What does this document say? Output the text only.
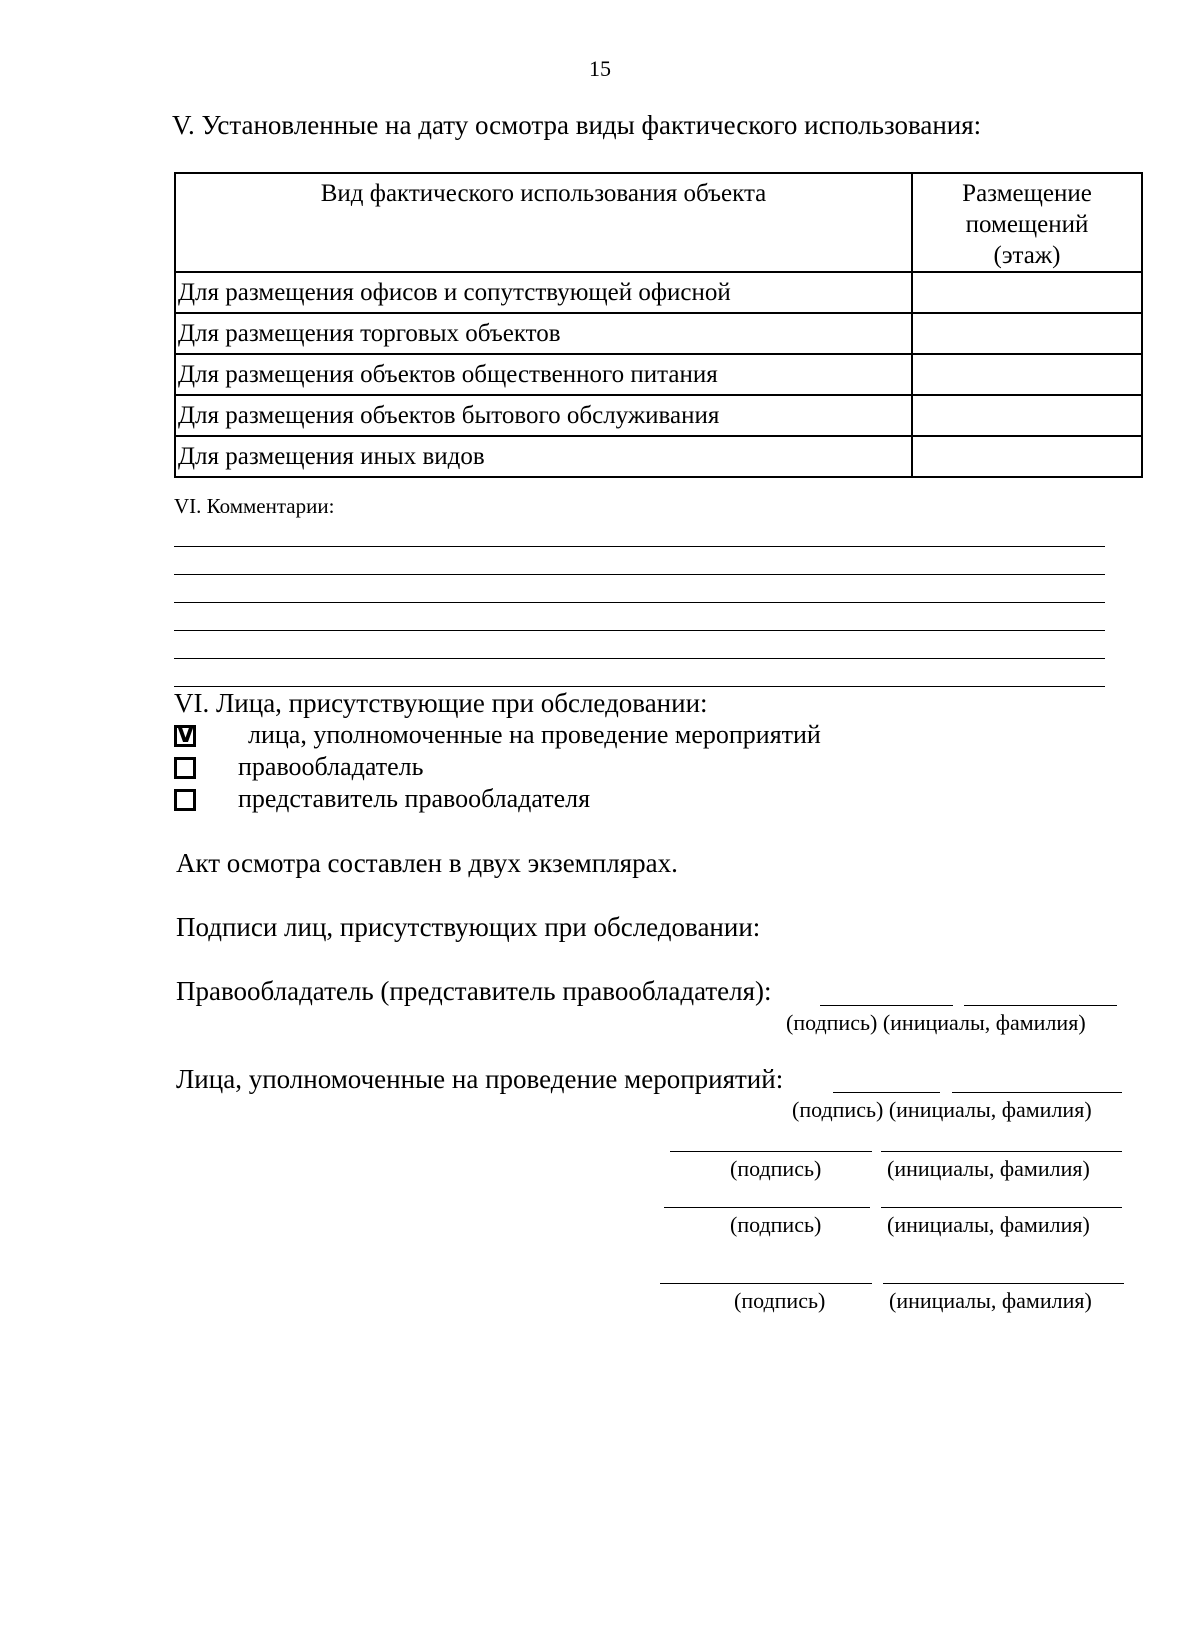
15
V. Установленные на дату осмотра виды фактического использования:
Вид фактического использования объекта	Размещение
помещений
(этаж)

Для размещения офисов и сопутствующей офисной	
Для размещения торговых объектов	
Для размещения объектов общественного питания	
Для размещения объектов бытового обслуживания	
Для размещения иных видов	
VI. Комментарии:
VI. Лица, присутствующие при обследовании:
V лица, уполномоченные на проведение мероприятий
правообладатель
представитель правообладателя
Акт осмотра составлен в двух экземплярах.
Подписи лиц, присутствующих при обследовании:
Правообладатель (представитель правообладателя):
(подпись) (инициалы, фамилия)
Лица, уполномоченные на проведение мероприятий:
(подпись) (инициалы, фамилия)
(подпись)	(инициалы, фамилия)
(подпись)	(инициалы, фамилия)
(подпись)	(инициалы, фамилия)
